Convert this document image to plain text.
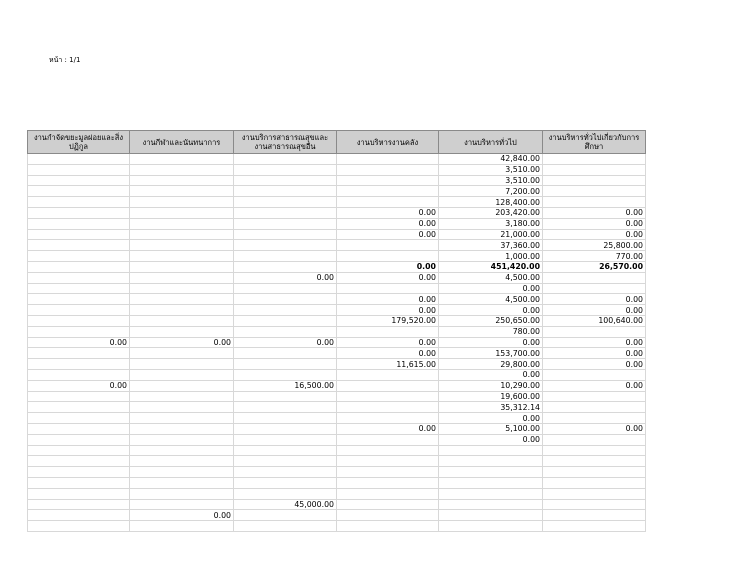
หน้า : 1/1
งานกำจัดขยะมูลฝอยและสิ่งปฏิกูล	งานกีฬาและนันทนาการ	งานบริการสาธารณสุขและงานสาธารณสุขอื่น	งานบริหารงานคลัง	งานบริหารทั่วไป	งานบริหารทั่วไปเกี่ยวกับการศึกษา
				42,840.00	
				3,510.00	
				3,510.00	
				7,200.00	
				128,400.00	
			0.00	203,420.00	0.00
			0.00	3,180.00	0.00
			0.00	21,000.00	0.00
				37,360.00	25,800.00
				1,000.00	770.00
			0.00	451,420.00	26,570.00
		0.00	0.00	4,500.00	
				0.00	
			0.00	4,500.00	0.00
			0.00	0.00	0.00
			179,520.00	250,650.00	100,640.00
				780.00	
0.00	0.00	0.00	0.00	0.00	0.00
			0.00	153,700.00	0.00
			11,615.00	29,800.00	0.00
				0.00	
0.00		16,500.00		10,290.00	0.00
				19,600.00	
				35,312.14	
				0.00	
			0.00	5,100.00	0.00
				0.00	

		45,000.00			
	0.00				
